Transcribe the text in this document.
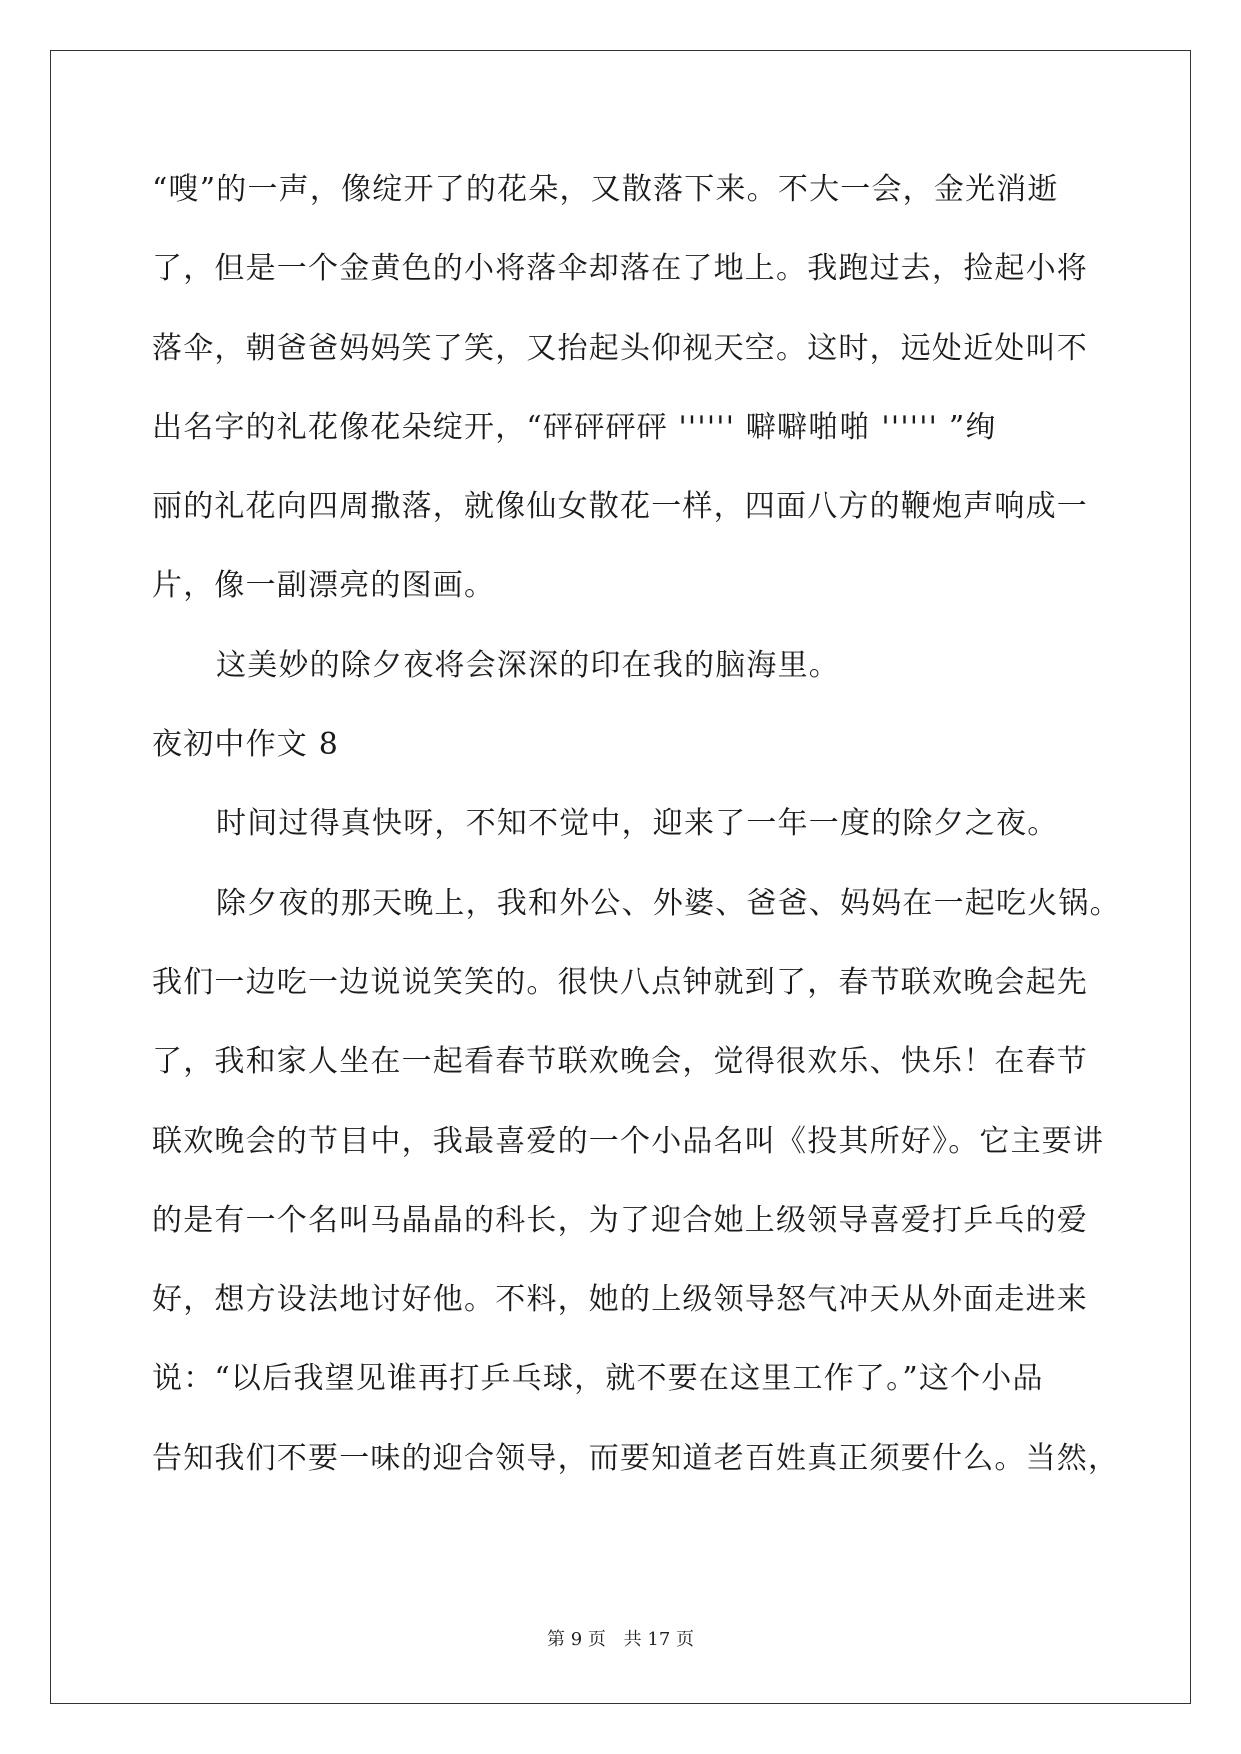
“嗖”的一声，像绽开了的花朵，又散落下来。不大一会，金光消逝
了，但是一个金黄色的小将落伞却落在了地上。我跑过去，捡起小将
落伞，朝爸爸妈妈笑了笑，又抬起头仰视天空。这时，远处近处叫不
出名字的礼花像花朵绽开，“砰砰砰砰 '''''' 噼噼啪啪 '''''' ”绚
丽的礼花向四周撒落，就像仙女散花一样，四面八方的鞭炮声响成一
片，像一副漂亮的图画。
这美妙的除夕夜将会深深的印在我的脑海里。
夜初中作文 8
时间过得真快呀，不知不觉中，迎来了一年一度的除夕之夜。
除夕夜的那天晚上，我和外公、外婆、爸爸、妈妈在一起吃火锅。
我们一边吃一边说说笑笑的。很快八点钟就到了，春节联欢晚会起先
了，我和家人坐在一起看春节联欢晚会，觉得很欢乐、快乐！在春节
联欢晚会的节目中，我最喜爱的一个小品名叫《投其所好》。它主要讲
的是有一个名叫马晶晶的科长，为了迎合她上级领导喜爱打乒乓的爱
好，想方设法地讨好他。不料，她的上级领导怒气冲天从外面走进来
说：“以后我望见谁再打乒乓球，就不要在这里工作了。”这个小品
告知我们不要一味的迎合领导，而要知道老百姓真正须要什么。当然，
第 9 页 共 17 页
